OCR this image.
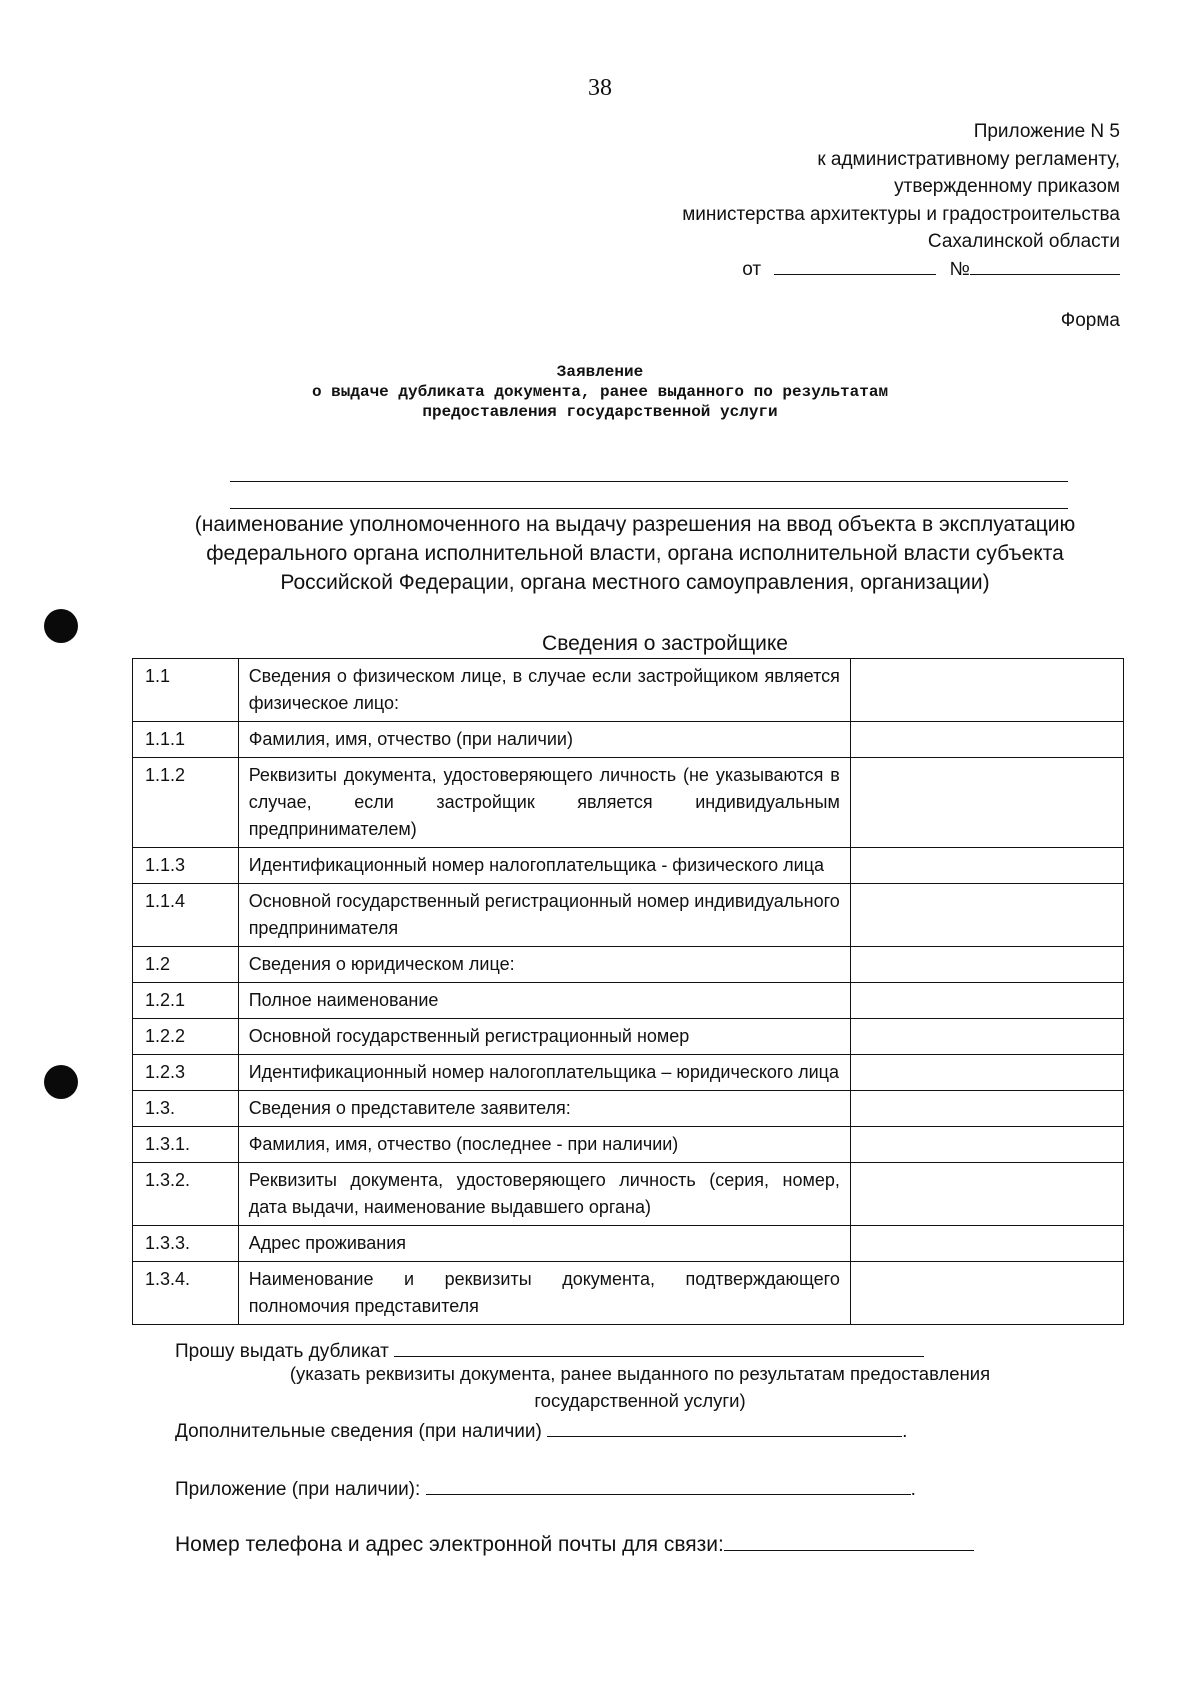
38
Приложение N 5
к административному регламенту,
утвержденному приказом
министерства архитектуры и градостроительства
Сахалинской области
от	№
Форма
Заявление
о выдаче дубликата документа, ранее выданного по результатам
предоставления государственной услуги
(наименование уполномоченного на выдачу разрешения на ввод объекта в эксплуатацию
федерального органа исполнительной власти, органа исполнительной власти субъекта
Российской Федерации, органа местного самоуправления, организации)
Сведения о застройщике
1.1	Сведения о физическом лице, в случае если застройщиком является физическое лицо:	
1.1.1	Фамилия, имя, отчество (при наличии)	
1.1.2	Реквизиты документа, удостоверяющего личность (не указываются в случае, если застройщик является индивидуальным предпринимателем)	
1.1.3	Идентификационный номер налогоплательщика - физического лица	
1.1.4	Основной государственный регистрационный номер индивидуального предпринимателя	
1.2	Сведения о юридическом лице:	
1.2.1	Полное наименование	
1.2.2	Основной государственный регистрационный номер	
1.2.3	Идентификационный номер налогоплательщика – юридического лица	
1.3.	Сведения о представителе заявителя:	
1.3.1.	Фамилия, имя, отчество (последнее - при наличии)	
1.3.2.	Реквизиты документа, удостоверяющего личность (серия, номер, дата выдачи, наименование выдавшего органа)	
1.3.3.	Адрес проживания	
1.3.4.	Наименование и реквизиты документа, подтверждающего полномочия представителя	
Прошу выдать дубликат
(указать реквизиты документа, ранее выданного по результатам предоставления
государственной услуги)
Дополнительные сведения (при наличии)	.
Приложение (при наличии):	.
Номер телефона и адрес электронной почты для связи:
